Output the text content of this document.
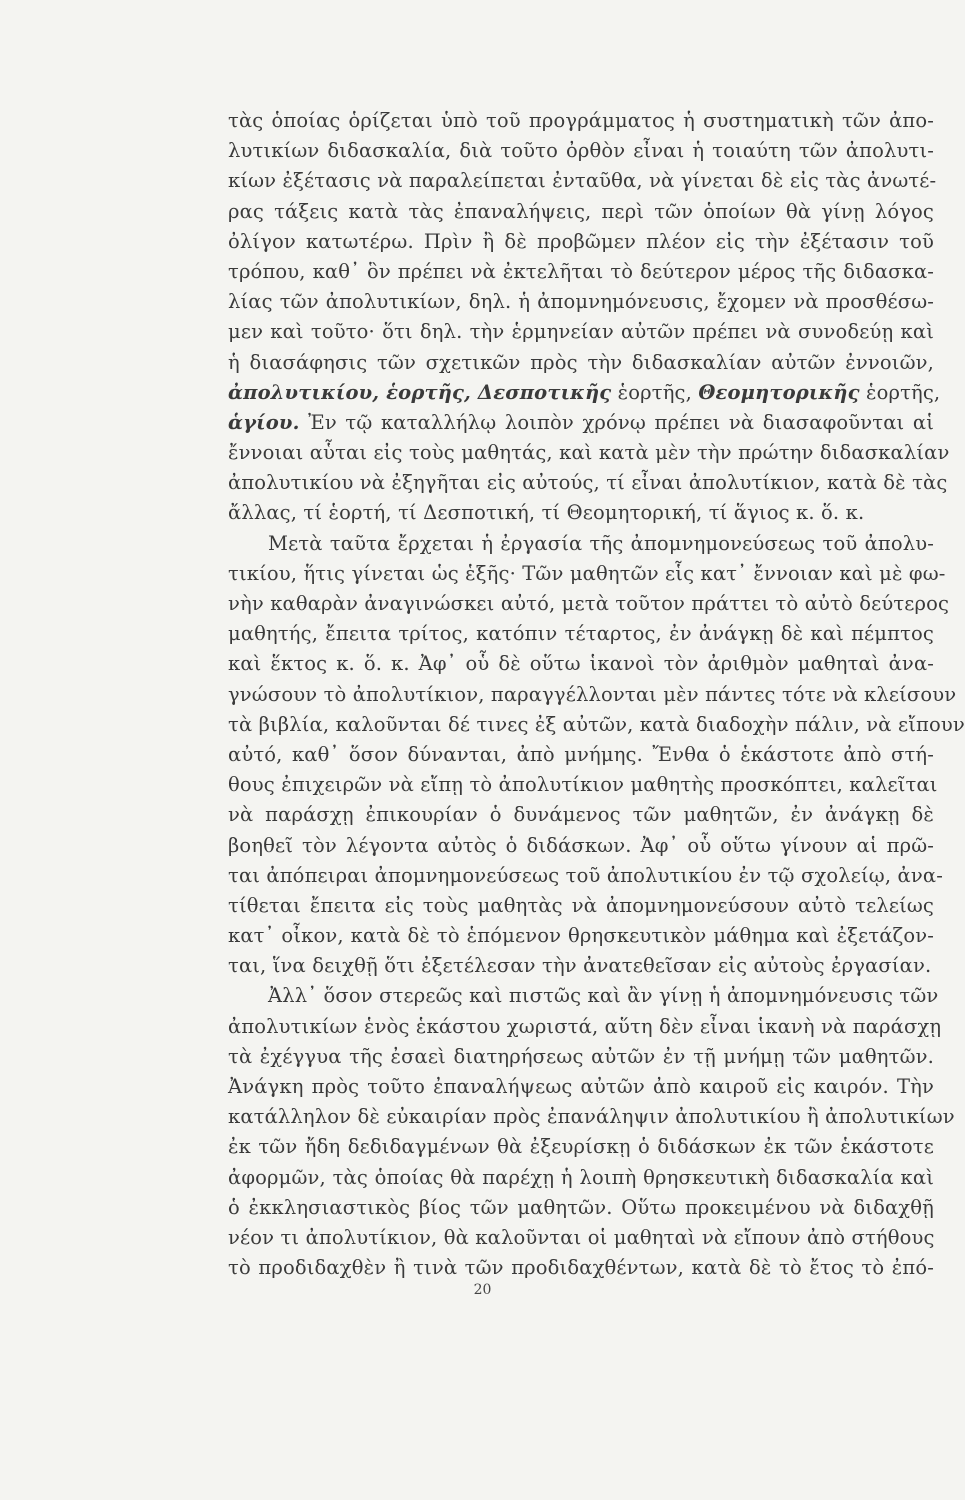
τὰς ὁποίας ὁρίζεται ὑπὸ τοῦ προγράμματος ἡ συστηματικὴ τῶν ἀπο-
λυτικίων διδασκαλία, διὰ τοῦτο ὀρθὸν εἶναι ἡ τοιαύτη τῶν ἀπολυτι-
κίων ἐξέτασις νὰ παραλείπεται ἐνταῦθα, νὰ γίνεται δὲ εἰς τὰς ἀνωτέ-
ρας τάξεις κατὰ τὰς ἐπαναλήψεις, περὶ τῶν ὁποίων θὰ γίνῃ λόγος
ὀλίγον κατωτέρω. Πρὶν ἢ δὲ προβῶμεν πλέον εἰς τὴν ἐξέτασιν τοῦ
τρόπου, καθ᾽ ὃν πρέπει νὰ ἐκτελῆται τὸ δεύτερον μέρος τῆς διδασκα-
λίας τῶν ἀπολυτικίων, δηλ. ἡ ἀπομνημόνευσις, ἔχομεν νὰ προσθέσω-
μεν καὶ τοῦτο· ὅτι δηλ. τὴν ἑρμηνείαν αὐτῶν πρέπει νὰ συνοδεύῃ καὶ
ἡ διασάφησις τῶν σχετικῶν πρὸς τὴν διδασκαλίαν αὐτῶν ἐννοιῶν,
ἀπολυτικίου, ἑορτῆς, Δεσποτικῆς ἑορτῆς, Θεομητορικῆς ἑορτῆς,
ἁγίου. Ἐν τῷ καταλλήλῳ λοιπὸν χρόνῳ πρέπει νὰ διασαφοῦνται αἱ
ἔννοιαι αὗται εἰς τοὺς μαθητάς, καὶ κατὰ μὲν τὴν πρώτην διδασκαλίαν
ἀπολυτικίου νὰ ἐξηγῆται εἰς αὐτούς, τί εἶναι ἀπολυτίκιον, κατὰ δὲ τὰς
ἄλλας, τί ἑορτή, τί Δεσποτική, τί Θεομητορική, τί ἅγιος κ. ὅ. κ.
Μετὰ ταῦτα ἔρχεται ἡ ἐργασία τῆς ἀπομνημονεύσεως τοῦ ἀπολυ-
τικίου, ἥτις γίνεται ὡς ἑξῆς· Τῶν μαθητῶν εἷς κατ᾽ ἔννοιαν καὶ μὲ φω-
νὴν καθαρὰν ἀναγινώσκει αὐτό, μετὰ τοῦτον πράττει τὸ αὐτὸ δεύτερος
μαθητής, ἔπειτα τρίτος, κατόπιν τέταρτος, ἐν ἀνάγκῃ δὲ καὶ πέμπτος
καὶ ἕκτος κ. ὅ. κ. Ἀφ᾽ οὗ δὲ οὕτω ἱκανοὶ τὸν ἀριθμὸν μαθηταὶ ἀνα-
γνώσουν τὸ ἀπολυτίκιον, παραγγέλλονται μὲν πάντες τότε νὰ κλείσουν
τὰ βιβλία, καλοῦνται δέ τινες ἐξ αὐτῶν, κατὰ διαδοχὴν πάλιν, νὰ εἴπουν
αὐτό, καθ᾽ ὅσον δύνανται, ἀπὸ μνήμης. Ἔνθα ὁ ἑκάστοτε ἀπὸ στή-
θους ἐπιχειρῶν νὰ εἴπῃ τὸ ἀπολυτίκιον μαθητὴς προσκόπτει, καλεῖται
νὰ παράσχῃ ἐπικουρίαν ὁ δυνάμενος τῶν μαθητῶν, ἐν ἀνάγκῃ δὲ
βοηθεῖ τὸν λέγοντα αὐτὸς ὁ διδάσκων. Ἀφ᾽ οὗ οὕτω γίνουν αἱ πρῶ-
ται ἀπόπειραι ἀπομνημονεύσεως τοῦ ἀπολυτικίου ἐν τῷ σχολείῳ, ἀνα-
τίθεται ἔπειτα εἰς τοὺς μαθητὰς νὰ ἀπομνημονεύσουν αὐτὸ τελείως
κατ᾽ οἶκον, κατὰ δὲ τὸ ἑπόμενον θρησκευτικὸν μάθημα καὶ ἐξετάζον-
ται, ἵνα δειχθῇ ὅτι ἐξετέλεσαν τὴν ἀνατεθεῖσαν εἰς αὐτοὺς ἐργασίαν.
Ἀλλ᾽ ὅσον στερεῶς καὶ πιστῶς καὶ ἂν γίνῃ ἡ ἀπομνημόνευσις τῶν
ἀπολυτικίων ἑνὸς ἑκάστου χωριστά, αὕτη δὲν εἶναι ἱκανὴ νὰ παράσχῃ
τὰ ἐχέγγυα τῆς ἐσαεὶ διατηρήσεως αὐτῶν ἐν τῇ μνήμῃ τῶν μαθητῶν.
Ἀνάγκη πρὸς τοῦτο ἐπαναλήψεως αὐτῶν ἀπὸ καιροῦ εἰς καιρόν. Τὴν
κατάλληλον δὲ εὐκαιρίαν πρὸς ἐπανάληψιν ἀπολυτικίου ἢ ἀπολυτικίων
ἐκ τῶν ἤδη δεδιδαγμένων θὰ ἐξευρίσκῃ ὁ διδάσκων ἐκ τῶν ἑκάστοτε
ἀφορμῶν, τὰς ὁποίας θὰ παρέχῃ ἡ λοιπὴ θρησκευτικὴ διδασκαλία καὶ
ὁ ἐκκλησιαστικὸς βίος τῶν μαθητῶν. Οὕτω προκειμένου νὰ διδαχθῇ
νέον τι ἀπολυτίκιον, θὰ καλοῦνται οἱ μαθηταὶ νὰ εἴπουν ἀπὸ στήθους
τὸ προδιδαχθὲν ἢ τινὰ τῶν προδιδαχθέντων, κατὰ δὲ τὸ ἔτος τὸ ἐπό-
20
